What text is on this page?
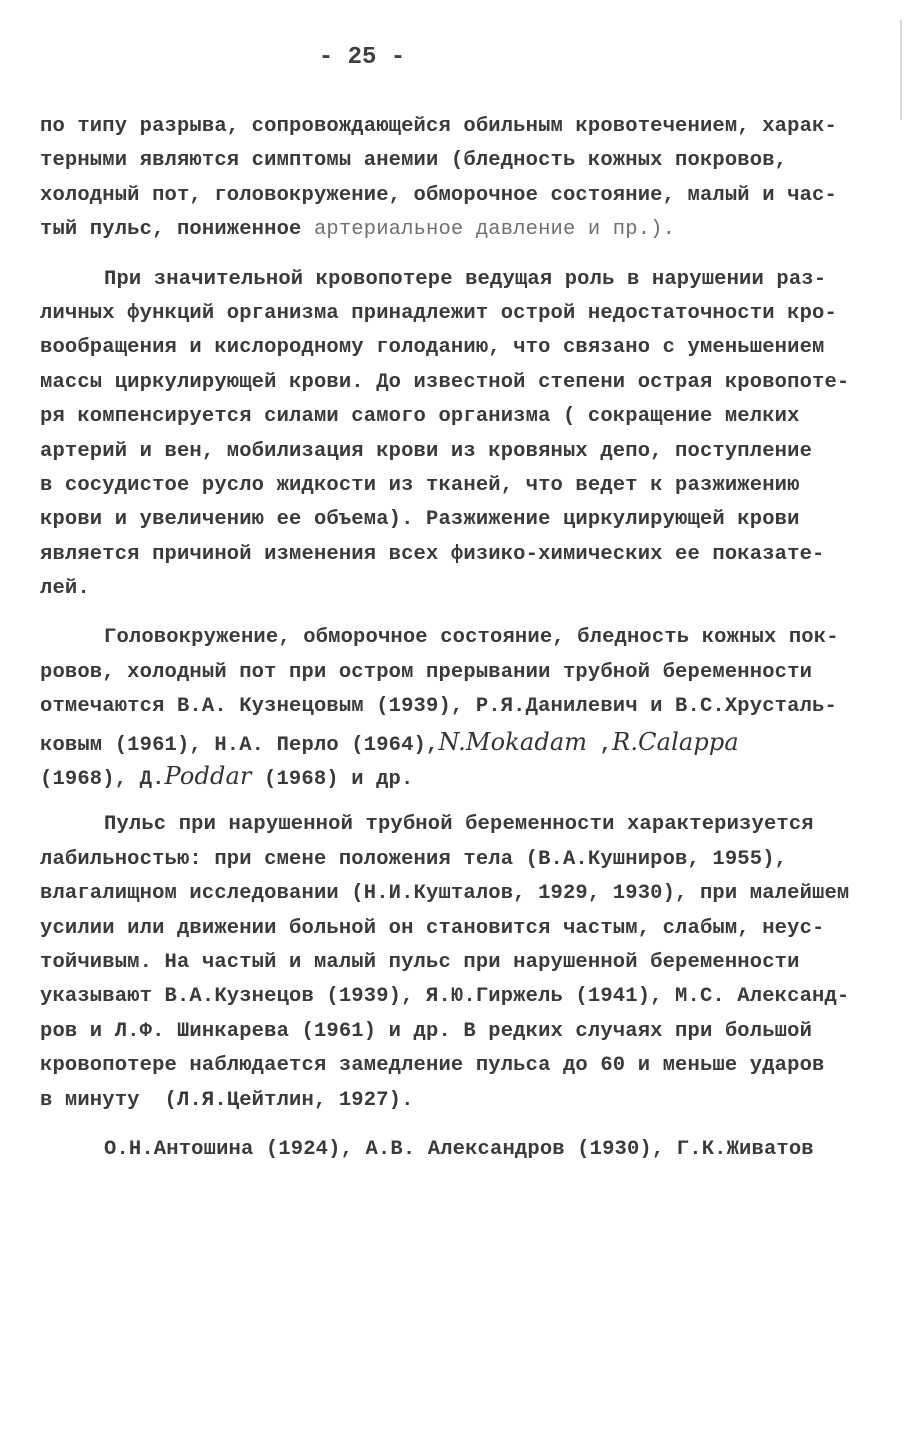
- 25 -
по типу разрыва, сопровождающейся обильным кровотечением, харак-
терными являются симптомы анемии (бледность кожных покровов,
холодный пот, головокружение, обморочное состояние, малый и час-
тый пульс, пониженное артериальное давление и пр.).
При значительной кровопотере ведущая роль в нарушении раз-
личных функций организма принадлежит острой недостаточности кро-
вообращения и кислородному голоданию, что связано с уменьшением
массы циркулирующей крови. До известной степени острая кровопоте-
ря компенсируется силами самого организма ( сокращение мелких
артерий и вен, мобилизация крови из кровяных депо, поступление
в сосудистое русло жидкости из тканей, что ведет к разжижению
крови и увеличению ее объема). Разжижение циркулирующей крови
является причиной изменения всех физико-химических ее показате-
лей.
Головокружение, обморочное состояние, бледность кожных пок-
ровов, холодный пот при остром прерывании трубной беременности
отмечаются В.А. Кузнецовым (1939), Р.Я.Данилевич и В.С.Хрусталь-
ковым (1961), Н.А. Перло (1964),N.Mokadam ,R.Calappa
(1968), Д.Poddar (1968) и др.
Пульс при нарушенной трубной беременности характеризуется
лабильностью: при смене положения тела (В.А.Кушниров, 1955),
влагалищном исследовании (Н.И.Кушталов, 1929, 1930), при малейшем
усилии или движении больной он становится частым, слабым, неус-
тойчивым. На частый и малый пульс при нарушенной беременности
указывают В.А.Кузнецов (1939), Я.Ю.Гиржель (1941), М.С. Александ-
ров и Л.Ф. Шинкарева (1961) и др. В редких случаях при большой
кровопотере наблюдается замедление пульса до 60 и меньше ударов
в минуту  (Л.Я.Цейтлин, 1927).
О.Н.Антошина (1924), А.В. Александров (1930), Г.К.Живатов
